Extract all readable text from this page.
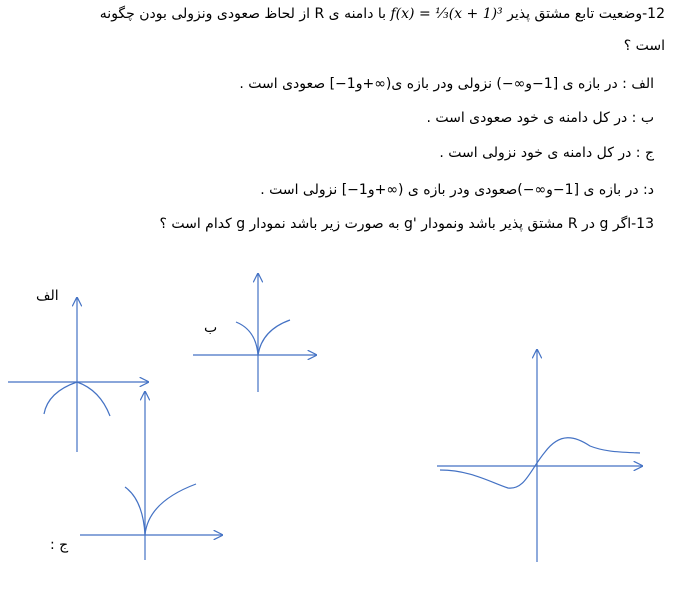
12-وضعیت تابع مشتق پذیر f(x) = ⅓(x + 1)³ با دامنه ی R از لحاظ صعودی ونزولی بودن چگونه
است ؟
الف : در بازه ی [1−و∞−) نزولی ودر بازه ی(∞+و1−] صعودی است .
ب : در کل دامنه ی خود صعودی است .
ج : در کل دامنه ی خود نزولی است .
د: در بازه ی [1−و∞−)صعودی ودر بازه ی (∞+و1−] نزولی است .
13-اگر g در R مشتق پذیر باشد ونمودار 'g به صورت زیر باشد نمودار g کدام است ؟
الف
ب
ج :
